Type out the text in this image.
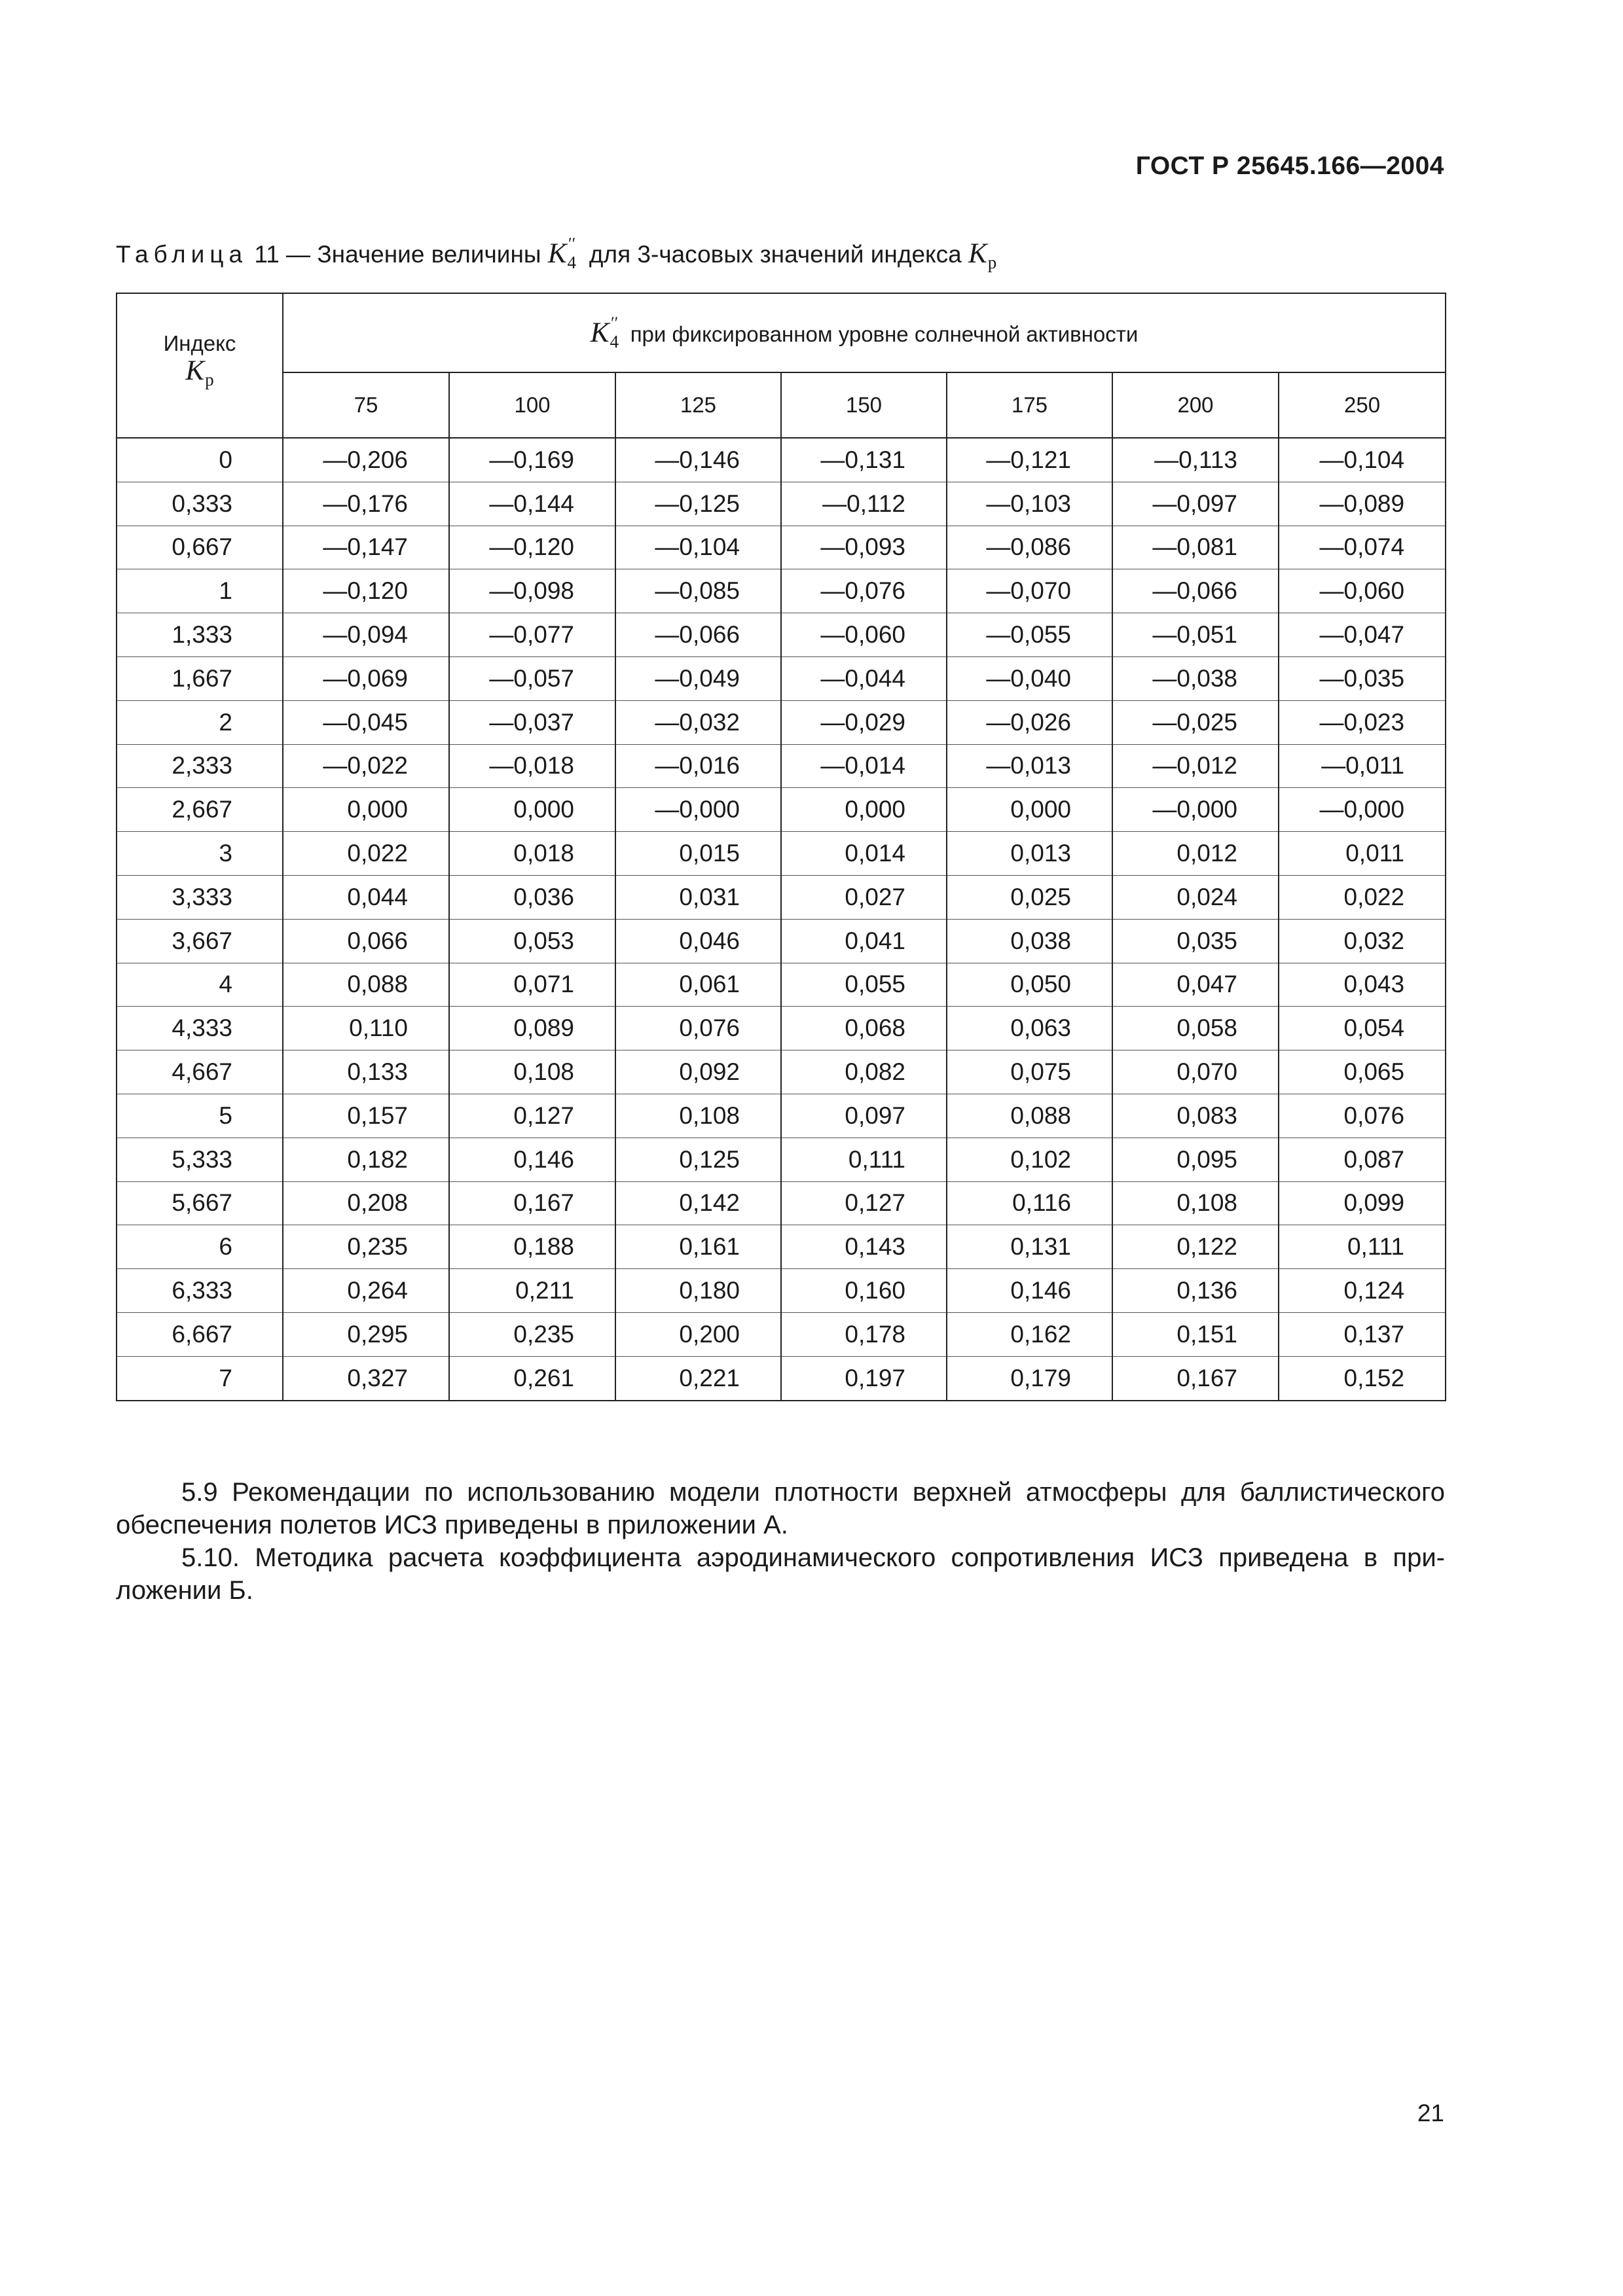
ГОСТ Р 25645.166—2004
Таблица 11 — Значение величины $K_4''$ для 3-часовых значений индекса $K_p$
Индекс
$K_p$	$K_4''$ при фиксированном уровне солнечной активности						
	75	100	125	150	175	200	250
0	—0,206	—0,169	—0,146	—0,131	—0,121	—0,113	—0,104
0,333	—0,176	—0,144	—0,125	—0,112	—0,103	—0,097	—0,089
0,667	—0,147	—0,120	—0,104	—0,093	—0,086	—0,081	—0,074
1	—0,120	—0,098	—0,085	—0,076	—0,070	—0,066	—0,060
1,333	—0,094	—0,077	—0,066	—0,060	—0,055	—0,051	—0,047
1,667	—0,069	—0,057	—0,049	—0,044	—0,040	—0,038	—0,035
2	—0,045	—0,037	—0,032	—0,029	—0,026	—0,025	—0,023
2,333	—0,022	—0,018	—0,016	—0,014	—0,013	—0,012	—0,011
2,667	0,000	0,000	—0,000	0,000	0,000	—0,000	—0,000
3	0,022	0,018	0,015	0,014	0,013	0,012	0,011
3,333	0,044	0,036	0,031	0,027	0,025	0,024	0,022
3,667	0,066	0,053	0,046	0,041	0,038	0,035	0,032
4	0,088	0,071	0,061	0,055	0,050	0,047	0,043
4,333	0,110	0,089	0,076	0,068	0,063	0,058	0,054
4,667	0,133	0,108	0,092	0,082	0,075	0,070	0,065
5	0,157	0,127	0,108	0,097	0,088	0,083	0,076
5,333	0,182	0,146	0,125	0,111	0,102	0,095	0,087
5,667	0,208	0,167	0,142	0,127	0,116	0,108	0,099
6	0,235	0,188	0,161	0,143	0,131	0,122	0,111
6,333	0,264	0,211	0,180	0,160	0,146	0,136	0,124
6,667	0,295	0,235	0,200	0,178	0,162	0,151	0,137
7	0,327	0,261	0,221	0,197	0,179	0,167	0,152
5.9 Рекомендации по использованию модели плотности верхней атмосферы для баллистического обеспечения полетов ИСЗ приведены в приложении А.
5.10. Методика расчета коэффициента аэродинамического сопротивления ИСЗ приведена в приложении Б.
21
